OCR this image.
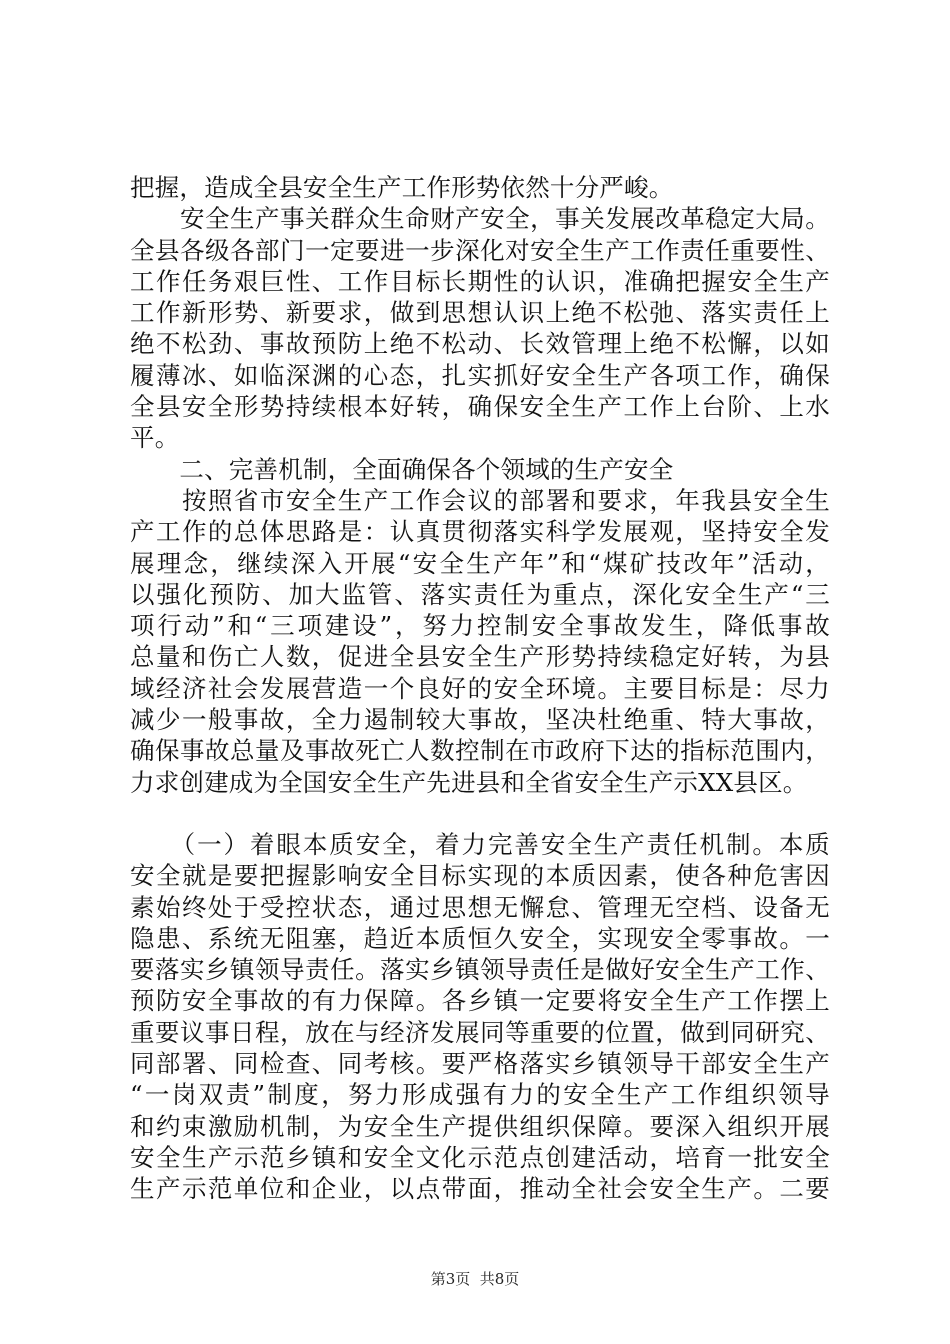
把握，造成全县安全生产工作形势依然十分严峻。
　　安全生产事关群众生命财产安全，事关发展改革稳定大局。
全县各级各部门一定要进一步深化对安全生产工作责任重要性、
工作任务艰巨性、工作目标长期性的认识，准确把握安全生产
工作新形势、新要求，做到思想认识上绝不松弛、落实责任上
绝不松劲、事故预防上绝不松动、长效管理上绝不松懈，以如
履薄冰、如临深渊的心态，扎实抓好安全生产各项工作，确保
全县安全形势持续根本好转，确保安全生产工作上台阶、上水
平。
　　二、完善机制，全面确保各个领域的生产安全
　　按照省市安全生产工作会议的部署和要求，年我县安全生
产工作的总体思路是：认真贯彻落实科学发展观，坚持安全发
展理念，继续深入开展“安全生产年”和“煤矿技改年”活动，
以强化预防、加大监管、落实责任为重点，深化安全生产“三
项行动”和“三项建设”，努力控制安全事故发生，降低事故
总量和伤亡人数，促进全县安全生产形势持续稳定好转，为县
域经济社会发展营造一个良好的安全环境。主要目标是：尽力
减少一般事故，全力遏制较大事故，坚决杜绝重、特大事故，
确保事故总量及事故死亡人数控制在市政府下达的指标范围内，
力求创建成为全国安全生产先进县和全省安全生产示XX县区。
　　（一）着眼本质安全，着力完善安全生产责任机制。本质
安全就是要把握影响安全目标实现的本质因素，使各种危害因
素始终处于受控状态，通过思想无懈怠、管理无空档、设备无
隐患、系统无阻塞，趋近本质恒久安全，实现安全零事故。一
要落实乡镇领导责任。落实乡镇领导责任是做好安全生产工作、
预防安全事故的有力保障。各乡镇一定要将安全生产工作摆上
重要议事日程，放在与经济发展同等重要的位置，做到同研究、
同部署、同检查、同考核。要严格落实乡镇领导干部安全生产
“一岗双责”制度，努力形成强有力的安全生产工作组织领导
和约束激励机制，为安全生产提供组织保障。要深入组织开展
安全生产示范乡镇和安全文化示范点创建活动，培育一批安全
生产示范单位和企业，以点带面，推动全社会安全生产。二要
第3页  共8页
